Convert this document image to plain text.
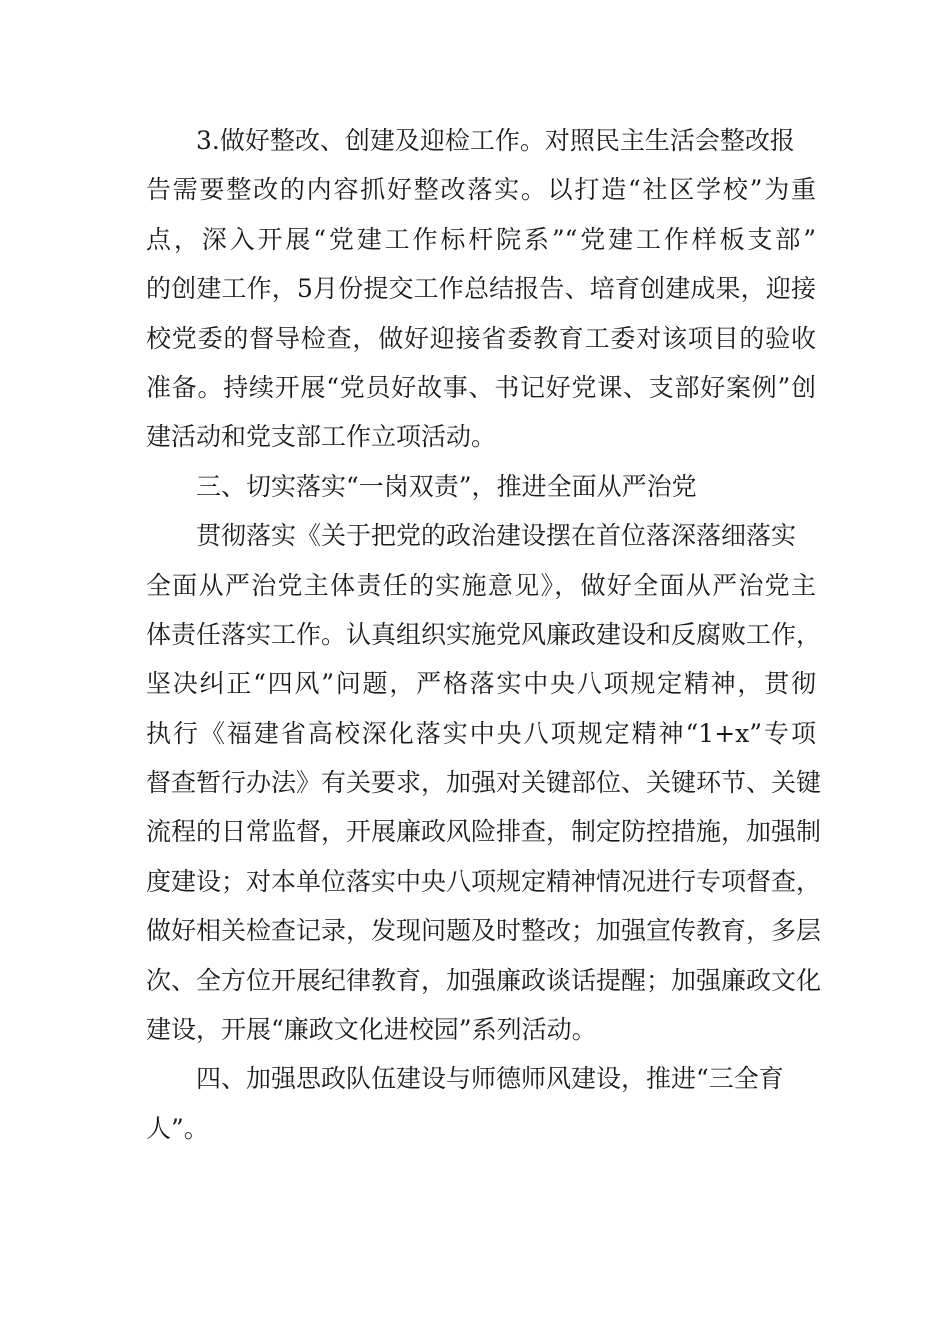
3.做好整改、创建及迎检工作。对照民主生活会整改报
告需要整改的内容抓好整改落实。以打造“社区学校”为重
点，深入开展“党建工作标杆院系”“党建工作样板支部”
的创建工作，5月份提交工作总结报告、培育创建成果，迎接
校党委的督导检查，做好迎接省委教育工委对该项目的验收
准备。持续开展“党员好故事、书记好党课、支部好案例”创
建活动和党支部工作立项活动。
三、切实落实“一岗双责”，推进全面从严治党
贯彻落实《关于把党的政治建设摆在首位落深落细落实
全面从严治党主体责任的实施意见》，做好全面从严治党主
体责任落实工作。认真组织实施党风廉政建设和反腐败工作，
坚决纠正“四风”问题，严格落实中央八项规定精神，贯彻
执行《福建省高校深化落实中央八项规定精神“1+x”专项
督查暂行办法》有关要求，加强对关键部位、关键环节、关键
流程的日常监督，开展廉政风险排查，制定防控措施，加强制
度建设；对本单位落实中央八项规定精神情况进行专项督查，
做好相关检查记录，发现问题及时整改；加强宣传教育，多层
次、全方位开展纪律教育，加强廉政谈话提醒；加强廉政文化
建设，开展“廉政文化进校园”系列活动。
四、加强思政队伍建设与师德师风建设，推进“三全育
人”。
